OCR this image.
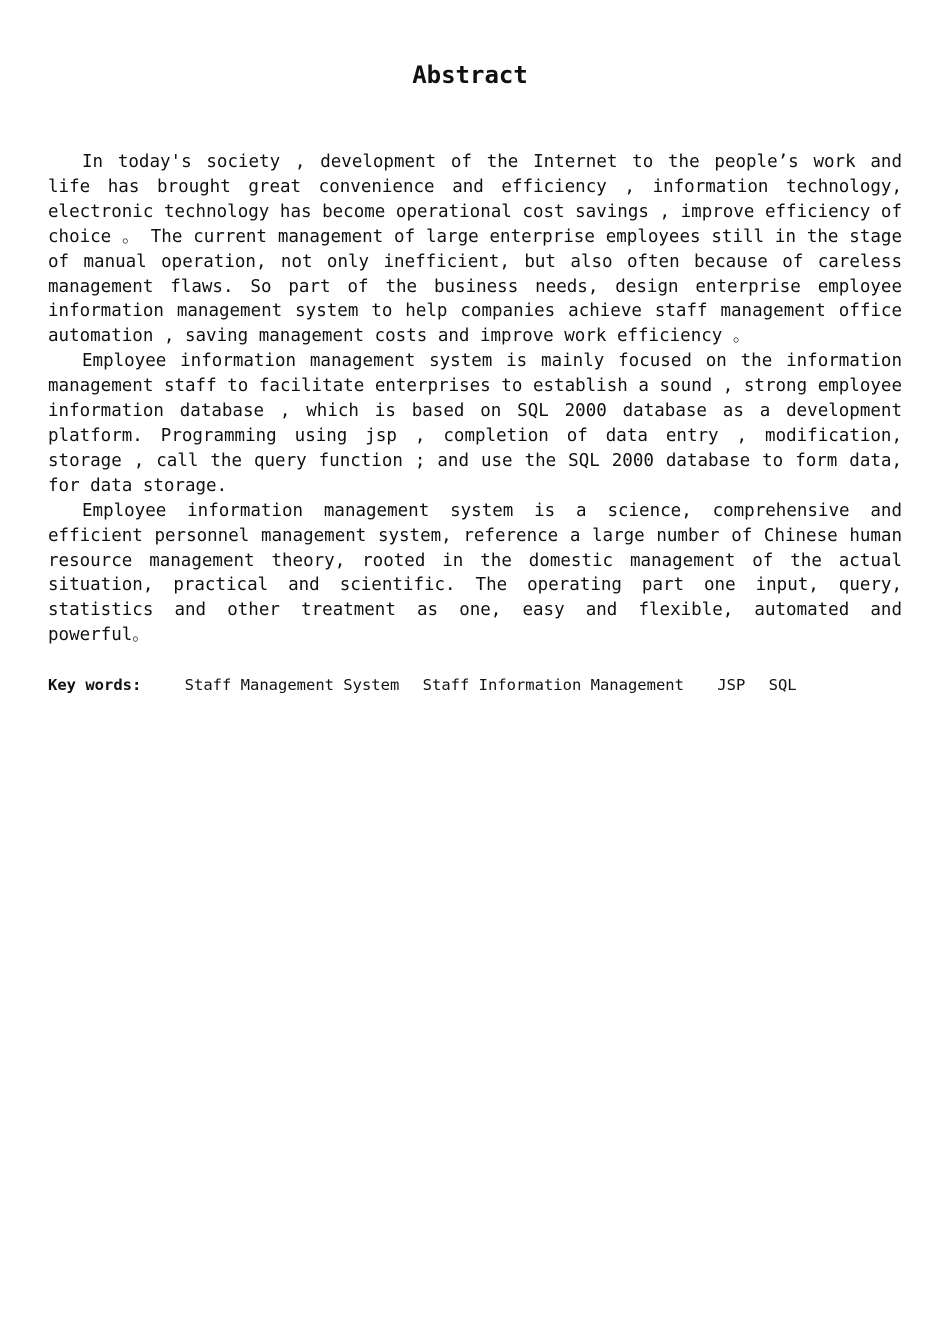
Abstract

In today's society , development of the Internet to the people’s work and life has brought great convenience and efficiency , information technology, electronic technology has become operational cost savings , improve efficiency of choice 。 The current management of large enterprise employees still in the stage of manual operation, not only inefficient, but also often because of careless management flaws. So part of the business needs, design enterprise employee information management system to help companies achieve staff management office automation , saving management costs and improve work efficiency 。

Employee information management system is mainly focused on the information management staff to facilitate enterprises to establish a sound , strong employee information database , which is based on SQL 2000 database as a development platform. Programming using jsp , completion of data entry , modification, storage , call the query function ; and use the SQL 2000 database to form data, for data storage.

Employee information management system is a science, comprehensive and efficient personnel management system, reference a large number of Chinese human resource management theory, rooted in the domestic management of the actual situation, practical and scientific. The operating part one input, query, statistics and other treatment as one, easy and flexible, automated and powerful。

Key words:	Staff Management System Staff Information Management JSP SQL
